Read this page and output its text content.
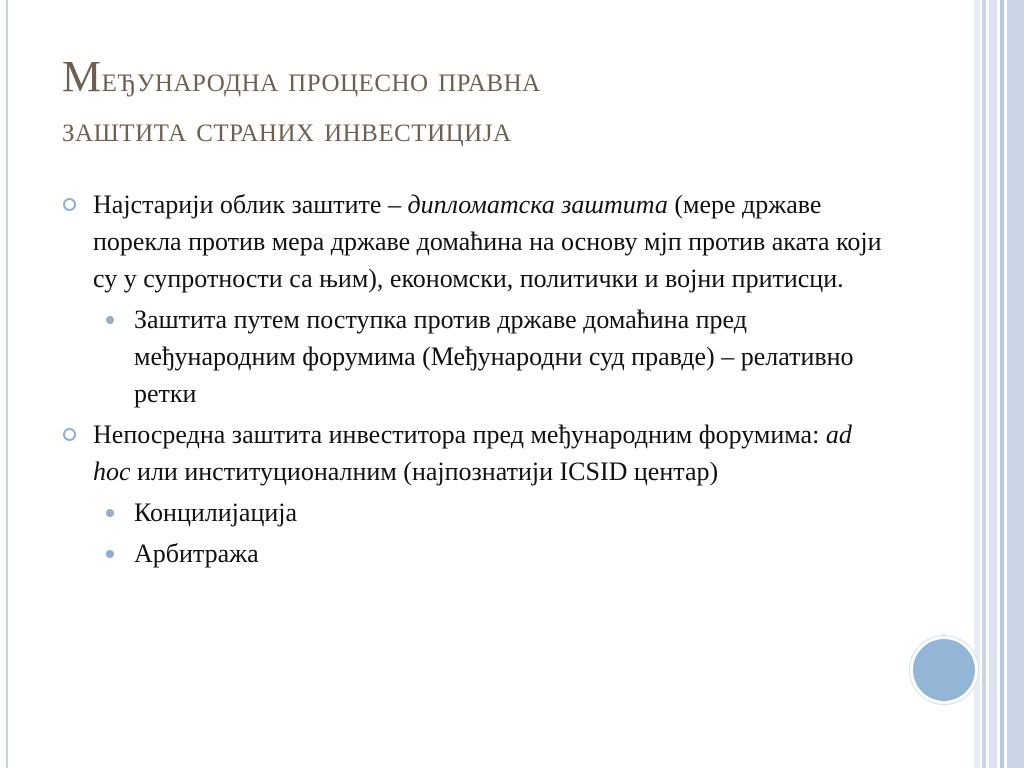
Међународна процесно правна
заштита страних инвестиција
Најстарији облик заштите – дипломатска заштита (мере државе порекла против мера државе домаћина на основу мјп против аката који су у супротности са њим), економски, политички и војни притисци.
Заштита путем поступка против државе домаћина пред међународним форумима (Међународни суд правде) – релативно ретки
Непосредна заштита инвеститора пред међународним форумима: ad hoc или институционалним (најпознатији ICSID центар)
Концилијација
Арбитража
